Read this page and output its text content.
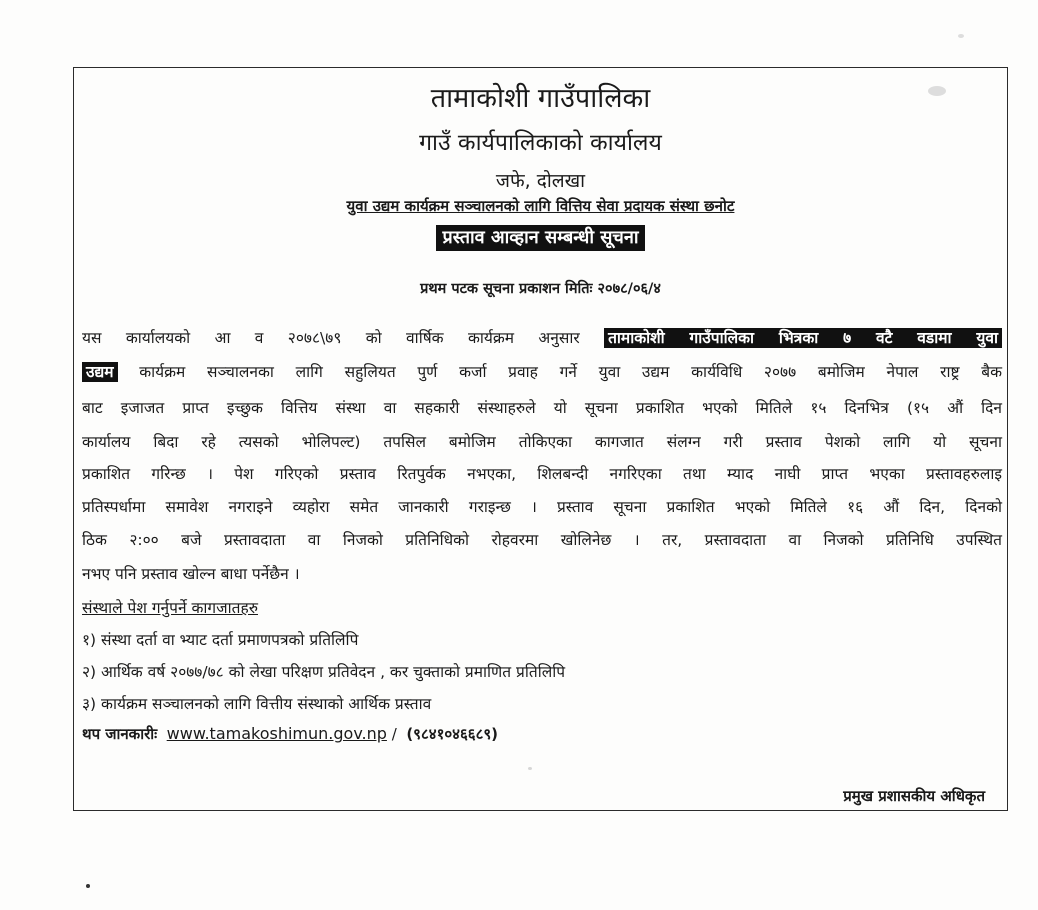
तामाकोशी गाउँपालिका
गाउँ कार्यपालिकाको कार्यालय
जफे, दोलखा
युवा उद्यम कार्यक्रम सञ्चालनको लागि वित्तिय सेवा प्रदायक संस्था छनोट
प्रस्ताव आव्हान सम्बन्धी सूचना
प्रथम पटक सूचना प्रकाशन मितिः २०७८/०६/४
यस कार्यालयको आ व २०७८\७९ को वार्षिक कार्यक्रम अनुसार तामाकोशी गाउँपालिका भित्रका ७ वटै वडामा युवा
उद्यम कार्यक्रम सञ्चालनका लागि सहुलियत पुर्ण कर्जा प्रवाह गर्ने युवा उद्यम कार्यविधि २०७७ बमोजिम नेपाल राष्ट्र बैक
बाट इजाजत प्राप्त इच्छुक वित्तिय संस्था वा सहकारी संस्थाहरुले यो सूचना प्रकाशित भएको मितिले १५ दिनभित्र (१५ औं दिन
कार्यालय बिदा रहे त्यसको भोलिपल्ट) तपसिल बमोजिम तोकिएका कागजात संलग्न गरी प्रस्ताव पेशको लागि यो सूचना
प्रकाशित गरिन्छ । पेश गरिएको प्रस्ताव रितपुर्वक नभएका, शिलबन्दी नगरिएका तथा म्याद नाघी प्राप्त भएका प्रस्तावहरुलाइ
प्रतिस्पर्धामा समावेश नगराइने व्यहोरा समेत जानकारी गराइन्छ । प्रस्ताव सूचना प्रकाशित भएको मितिले १६ औं दिन, दिनको
ठिक २:०० बजे प्रस्तावदाता वा निजको प्रतिनिधिको रोहवरमा खोलिनेछ । तर, प्रस्तावदाता वा निजको प्रतिनिधि उपस्थित
नभए पनि प्रस्ताव खोल्न बाधा पर्नेछैन ।
संस्थाले पेश गर्नुपर्ने कागजातहरु
१) संस्था दर्ता वा भ्याट दर्ता प्रमाणपत्रको प्रतिलिपि
२) आर्थिक वर्ष २०७७/७८ को लेखा परिक्षण प्रतिवेदन , कर चुक्ताको प्रमाणित प्रतिलिपि
३) कार्यक्रम सञ्चालनको लागि वित्तीय संस्थाको आर्थिक प्रस्ताव
थप जानकारीः www.tamakoshimun.gov.np / (९८४१०४६६८९)
प्रमुख प्रशासकीय अधिकृत
